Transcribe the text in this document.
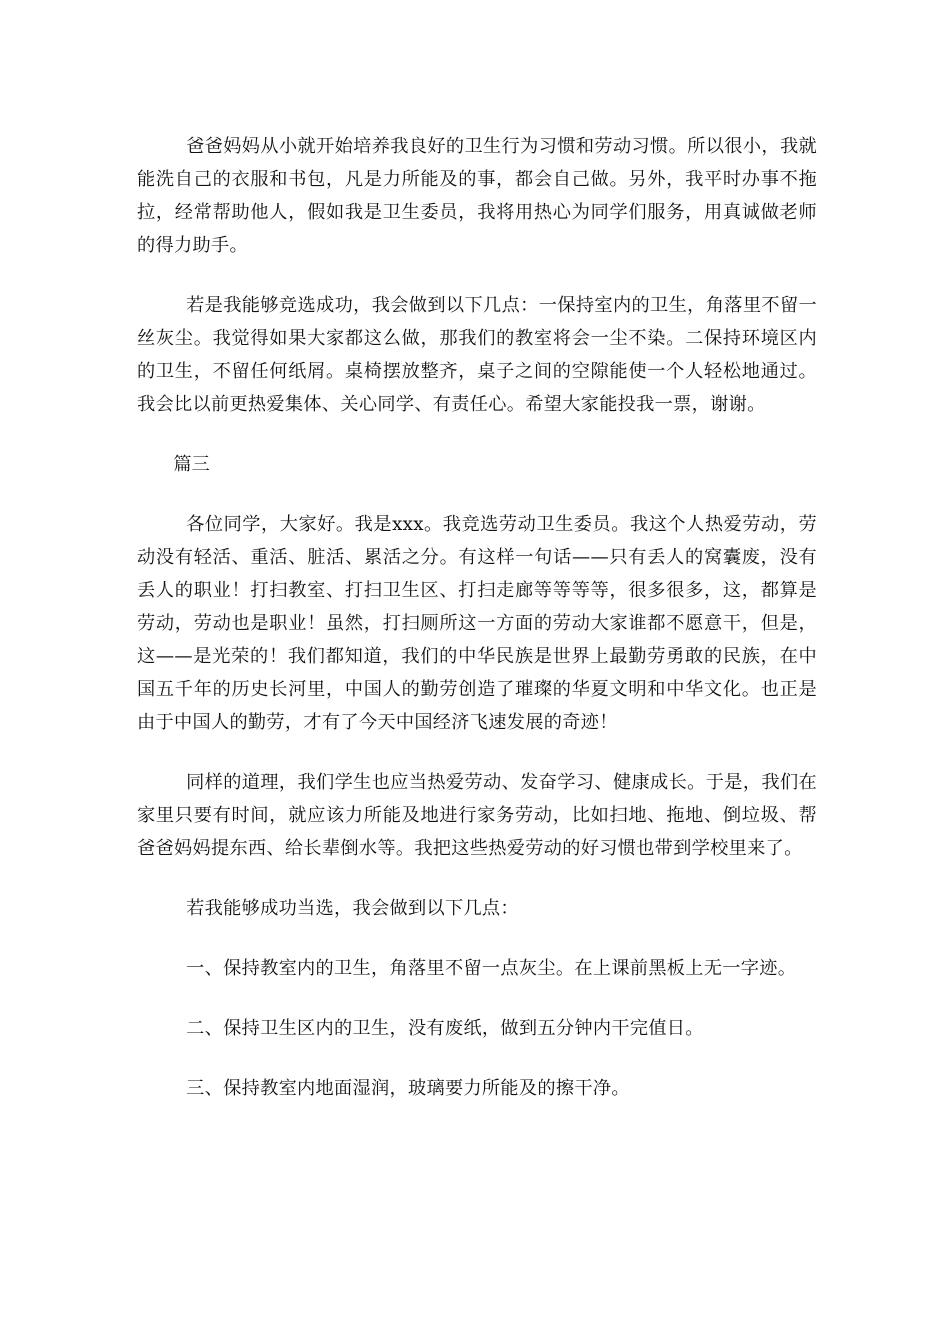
爸爸妈妈从小就开始培养我良好的卫生行为习惯和劳动习惯。所以很小，我就能洗自己的衣服和书包，凡是力所能及的事，都会自己做。另外，我平时办事不拖拉，经常帮助他人，假如我是卫生委员，我将用热心为同学们服务，用真诚做老师的得力助手。

若是我能够竞选成功，我会做到以下几点：一保持室内的卫生，角落里不留一丝灰尘。我觉得如果大家都这么做，那我们的教室将会一尘不染。二保持环境区内的卫生，不留任何纸屑。桌椅摆放整齐，桌子之间的空隙能使一个人轻松地通过。我会比以前更热爱集体、关心同学、有责任心。希望大家能投我一票，谢谢。

篇三

各位同学，大家好。我是xxx。我竞选劳动卫生委员。我这个人热爱劳动，劳动没有轻活、重活、脏活、累活之分。有这样一句话——只有丢人的窝囊废，没有丢人的职业！打扫教室、打扫卫生区、打扫走廊等等等等，很多很多，这，都算是劳动，劳动也是职业！虽然，打扫厕所这一方面的劳动大家谁都不愿意干，但是，这——是光荣的！我们都知道，我们的中华民族是世界上最勤劳勇敢的民族，在中国五千年的历史长河里，中国人的勤劳创造了璀璨的华夏文明和中华文化。也正是由于中国人的勤劳，才有了今天中国经济飞速发展的奇迹！

同样的道理，我们学生也应当热爱劳动、发奋学习、健康成长。于是，我们在家里只要有时间，就应该力所能及地进行家务劳动，比如扫地、拖地、倒垃圾、帮爸爸妈妈提东西、给长辈倒水等。我把这些热爱劳动的好习惯也带到学校里来了。

若我能够成功当选，我会做到以下几点：

一、保持教室内的卫生，角落里不留一点灰尘。在上课前黑板上无一字迹。

二、保持卫生区内的卫生，没有废纸，做到五分钟内干完值日。

三、保持教室内地面湿润，玻璃要力所能及的擦干净。
